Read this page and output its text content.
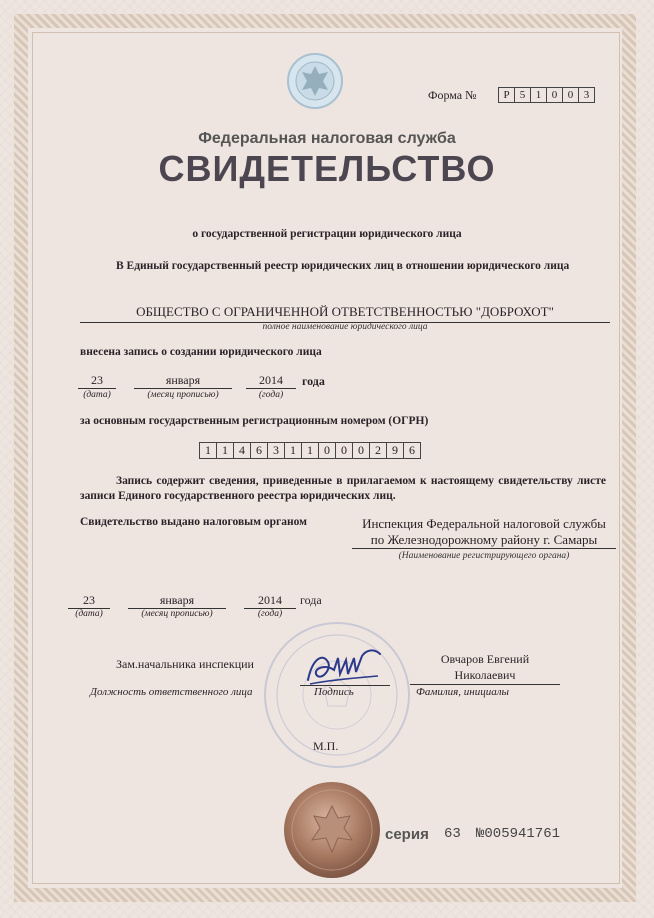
Форма №	Р 5 1 0 0 3
Федеральная налоговая служба
СВИДЕТЕЛЬСТВО
о государственной регистрации юридического лица
В Единый государственный реестр юридических лиц в отношении юридического лица
ОБЩЕСТВО С ОГРАНИЧЕННОЙ ОТВЕТСТВЕННОСТЬЮ "ДОБРОХОТ"
полное наименование юридического лица
внесена запись о создании юридического лица
23	января	2014	года
(дата)	(месяц прописью)	(года)
за основным государственным регистрационным номером (ОГРН)
1 1 4 6 3 1 1 0 0 0 2 9 6
Запись содержит сведения, приведенные в прилагаемом к настоящему свидетельству листе записи Единого государственного реестра юридических лиц.
Свидетельство выдано налоговым органом	Инспекция Федеральной налоговой службы
по Железнодорожному району г. Самары
(Наименование регистрирующего органа)
23	января	2014	года
(дата)	(месяц прописью)	(года)
Зам.начальника инспекции
Должность ответственного лица	Подпись
Овчаров Евгений
Николаевич
Фамилия, инициалы
М.П.
серия 63 №005941761
